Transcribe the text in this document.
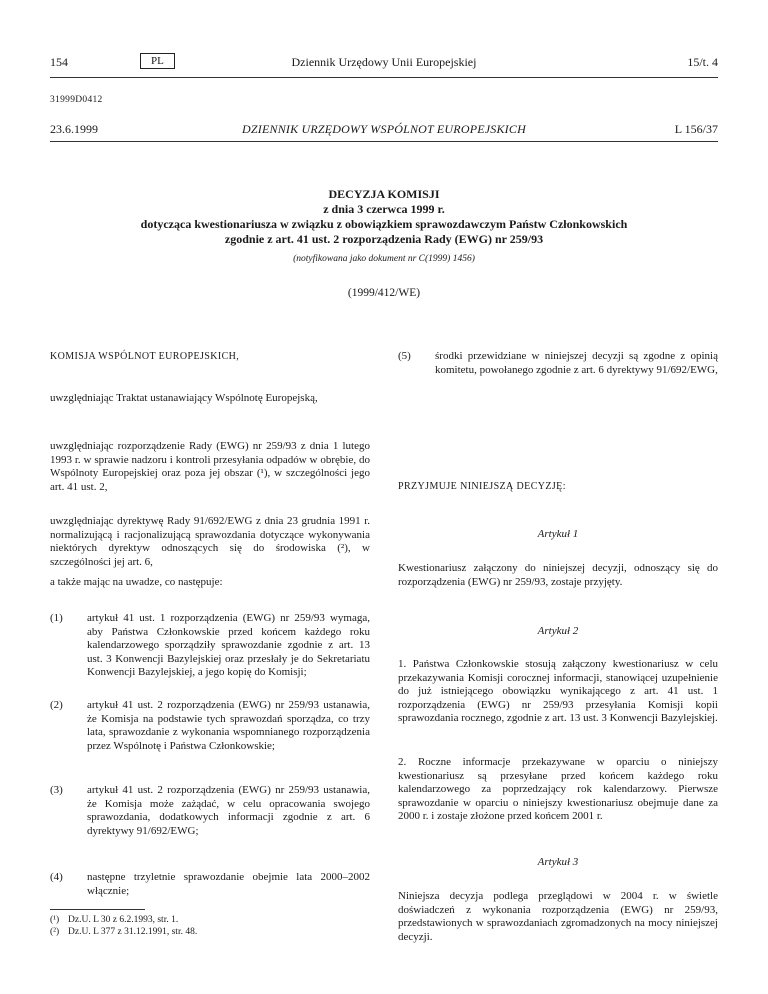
154	PL	Dziennik Urzędowy Unii Europejskiej	15/t. 4
31999D0412
23.6.1999	DZIENNIK URZĘDOWY WSPÓLNOT EUROPEJSKICH	L 156/37
DECYZJA KOMISJI
z dnia 3 czerwca 1999 r.
dotycząca kwestionariusza w związku z obowiązkiem sprawozdawczym Państw Członkowskich
zgodnie z art. 41 ust. 2 rozporządzenia Rady (EWG) nr 259/93
(notyfikowana jako dokument nr C(1999) 1456)
(1999/412/WE)
KOMISJA WSPÓLNOT EUROPEJSKICH,
uwzględniając Traktat ustanawiający Wspólnotę Europejską,
uwzględniając rozporządzenie Rady (EWG) nr 259/93 z dnia 1 lutego 1993 r. w sprawie nadzoru i kontroli przesyłania odpadów w obrębie, do Wspólnoty Europejskiej oraz poza jej obszar (¹), w szczególności jego art. 41 ust. 2,
uwzględniając dyrektywę Rady 91/692/EWG z dnia 23 grudnia 1991 r. normalizującą i racjonalizującą sprawozdania dotyczące wykonywania niektórych dyrektyw odnoszących się do środowiska (²), w szczególności jej art. 6,
a także mając na uwadze, co następuje:
(1) artykuł 41 ust. 1 rozporządzenia (EWG) nr 259/93 wymaga, aby Państwa Członkowskie przed końcem każdego roku kalendarzowego sporządziły sprawozdanie zgodnie z art. 13 ust. 3 Konwencji Bazylejskiej oraz przesłały je do Sekretariatu Konwencji Bazylejskiej, a jego kopię do Komisji;
(2) artykuł 41 ust. 2 rozporządzenia (EWG) nr 259/93 ustanawia, że Komisja na podstawie tych sprawozdań sporządza, co trzy lata, sprawozdanie z wykonania wspomnianego rozporządzenia przez Wspólnotę i Państwa Członkowskie;
(3) artykuł 41 ust. 2 rozporządzenia (EWG) nr 259/93 ustanawia, że Komisja może zażądać, w celu opracowania swojego sprawozdania, dodatkowych informacji zgodnie z art. 6 dyrektywy 91/692/EWG;
(4) następne trzyletnie sprawozdanie obejmie lata 2000–2002 włącznie;
(¹) Dz.U. L 30 z 6.2.1993, str. 1.
(²) Dz.U. L 377 z 31.12.1991, str. 48.
(5) środki przewidziane w niniejszej decyzji są zgodne z opinią komitetu, powołanego zgodnie z art. 6 dyrektywy 91/692/EWG,
PRZYJMUJE NINIEJSZĄ DECYZJĘ:
Artykuł 1
Kwestionariusz załączony do niniejszej decyzji, odnoszący się do rozporządzenia (EWG) nr 259/93, zostaje przyjęty.
Artykuł 2
1. Państwa Członkowskie stosują załączony kwestionariusz w celu przekazywania Komisji corocznej informacji, stanowiącej uzupełnienie do już istniejącego obowiązku wynikającego z art. 41 ust. 1 rozporządzenia (EWG) nr 259/93 przesyłania Komisji kopii sprawozdania rocznego, zgodnie z art. 13 ust. 3 Konwencji Bazylejskiej.
2. Roczne informacje przekazywane w oparciu o niniejszy kwestionariusz są przesyłane przed końcem każdego roku kalendarzowego za poprzedzający rok kalendarzowy. Pierwsze sprawozdanie w oparciu o niniejszy kwestionariusz obejmuje dane za 2000 r. i zostaje złożone przed końcem 2001 r.
Artykuł 3
Niniejsza decyzja podlega przeglądowi w 2004 r. w świetle doświadczeń z wykonania rozporządzenia (EWG) nr 259/93, przedstawionych w sprawozdaniach zgromadzonych na mocy niniejszej decyzji.
